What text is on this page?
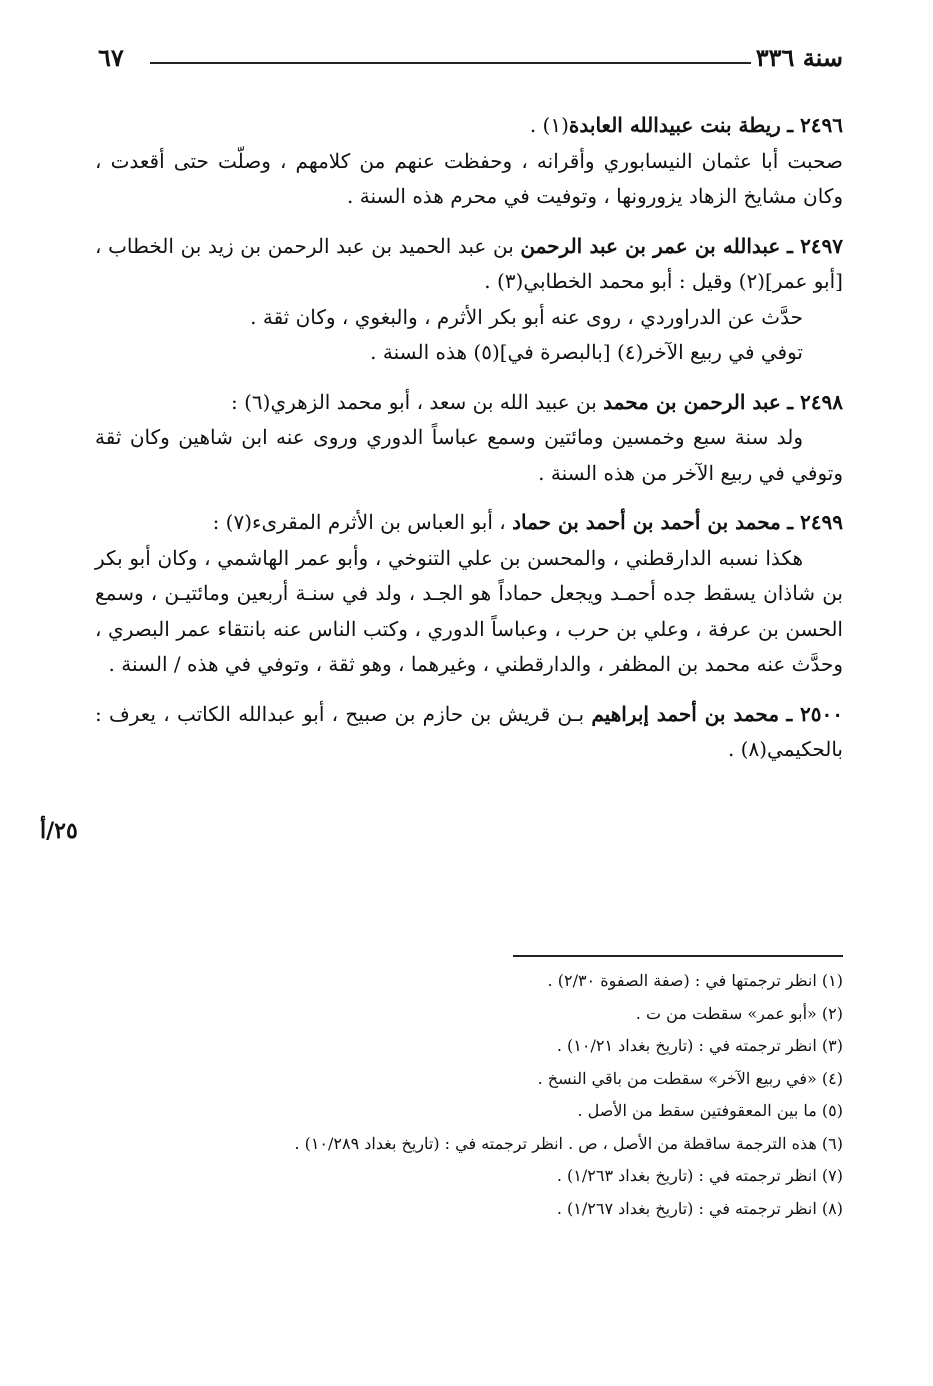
سنة ٣٣٦
٦٧

٢٤٩٦ ـ ريطة بنت عبيدالله العابدة(١) .

صحبت أبا عثمان النيسابوري وأقرانه ، وحفظت عنهم من كلامهم ، وصلّت حتى أقعدت ، وكان مشايخ الزهاد يزورونها ، وتوفيت في محرم هذه السنة .

٢٤٩٧ ـ عبدالله بن عمر بن عبد الرحمن بن عبد الحميد بن عبد الرحمن بن زيد بن الخطاب ، [أبو عمر](٢) وقيل : أبو محمد الخطابي(٣) .

حدَّث عن الدراوردي ، روى عنه أبو بكر الأثرم ، والبغوي ، وكان ثقة .

توفي في ربيع الآخر(٤) [بالبصرة في](٥) هذه السنة .

٢٤٩٨ ـ عبد الرحمن بن محمد بن عبيد الله بن سعد ، أبو محمد الزهري(٦) :

ولد سنة سبع وخمسين ومائتين وسمع عباساً الدوري وروى عنه ابن شاهين وكان ثقة وتوفي في ربيع الآخر من هذه السنة .

٢٤٩٩ ـ محمد بن أحمد بن أحمد بن حماد ، أبو العباس بن الأثرم المقرىء(٧) :

هكذا نسبه الدارقطني ، والمحسن بن علي التنوخي ، وأبو عمر الهاشمي ، وكان أبو بكر بن شاذان يسقط جده أحمـد ويجعل حماداً هو الجـد ، ولد في سنـة أربعين ومائتيـن ، وسمع الحسن بن عرفة ، وعلي بن حرب ، وعباساً الدوري ، وكتب الناس عنه بانتقاء عمر البصري ، وحدَّث عنه محمد بن المظفر ، والدارقطني ، وغيرهما ، وهو ثقة ، وتوفي في هذه / السنة .

٢٥٠٠ ـ محمد بن أحمد إبراهيم بـن قريش بن حازم بن صبيح ، أبو عبدالله الكاتب ، يعرف : بالحكيمي(٨) .

٢٥/أ
(١) انظر ترجمتها في : (صفة الصفوة ٢/٣٠) .
(٢) «أبو عمر» سقطت من ت .
(٣) انظر ترجمته في : (تاريخ بغداد ١٠/٢١) .
(٤) «في ربيع الآخر» سقطت من باقي النسخ .
(٥) ما بين المعقوفتين سقط من الأصل .
(٦) هذه الترجمة ساقطة من الأصل ، ص . انظر ترجمته في : (تاريخ بغداد ١٠/٢٨٩) .
(٧) انظر ترجمته في : (تاريخ بغداد ١/٢٦٣) .
(٨) انظر ترجمته في : (تاريخ بغداد ١/٢٦٧) .
